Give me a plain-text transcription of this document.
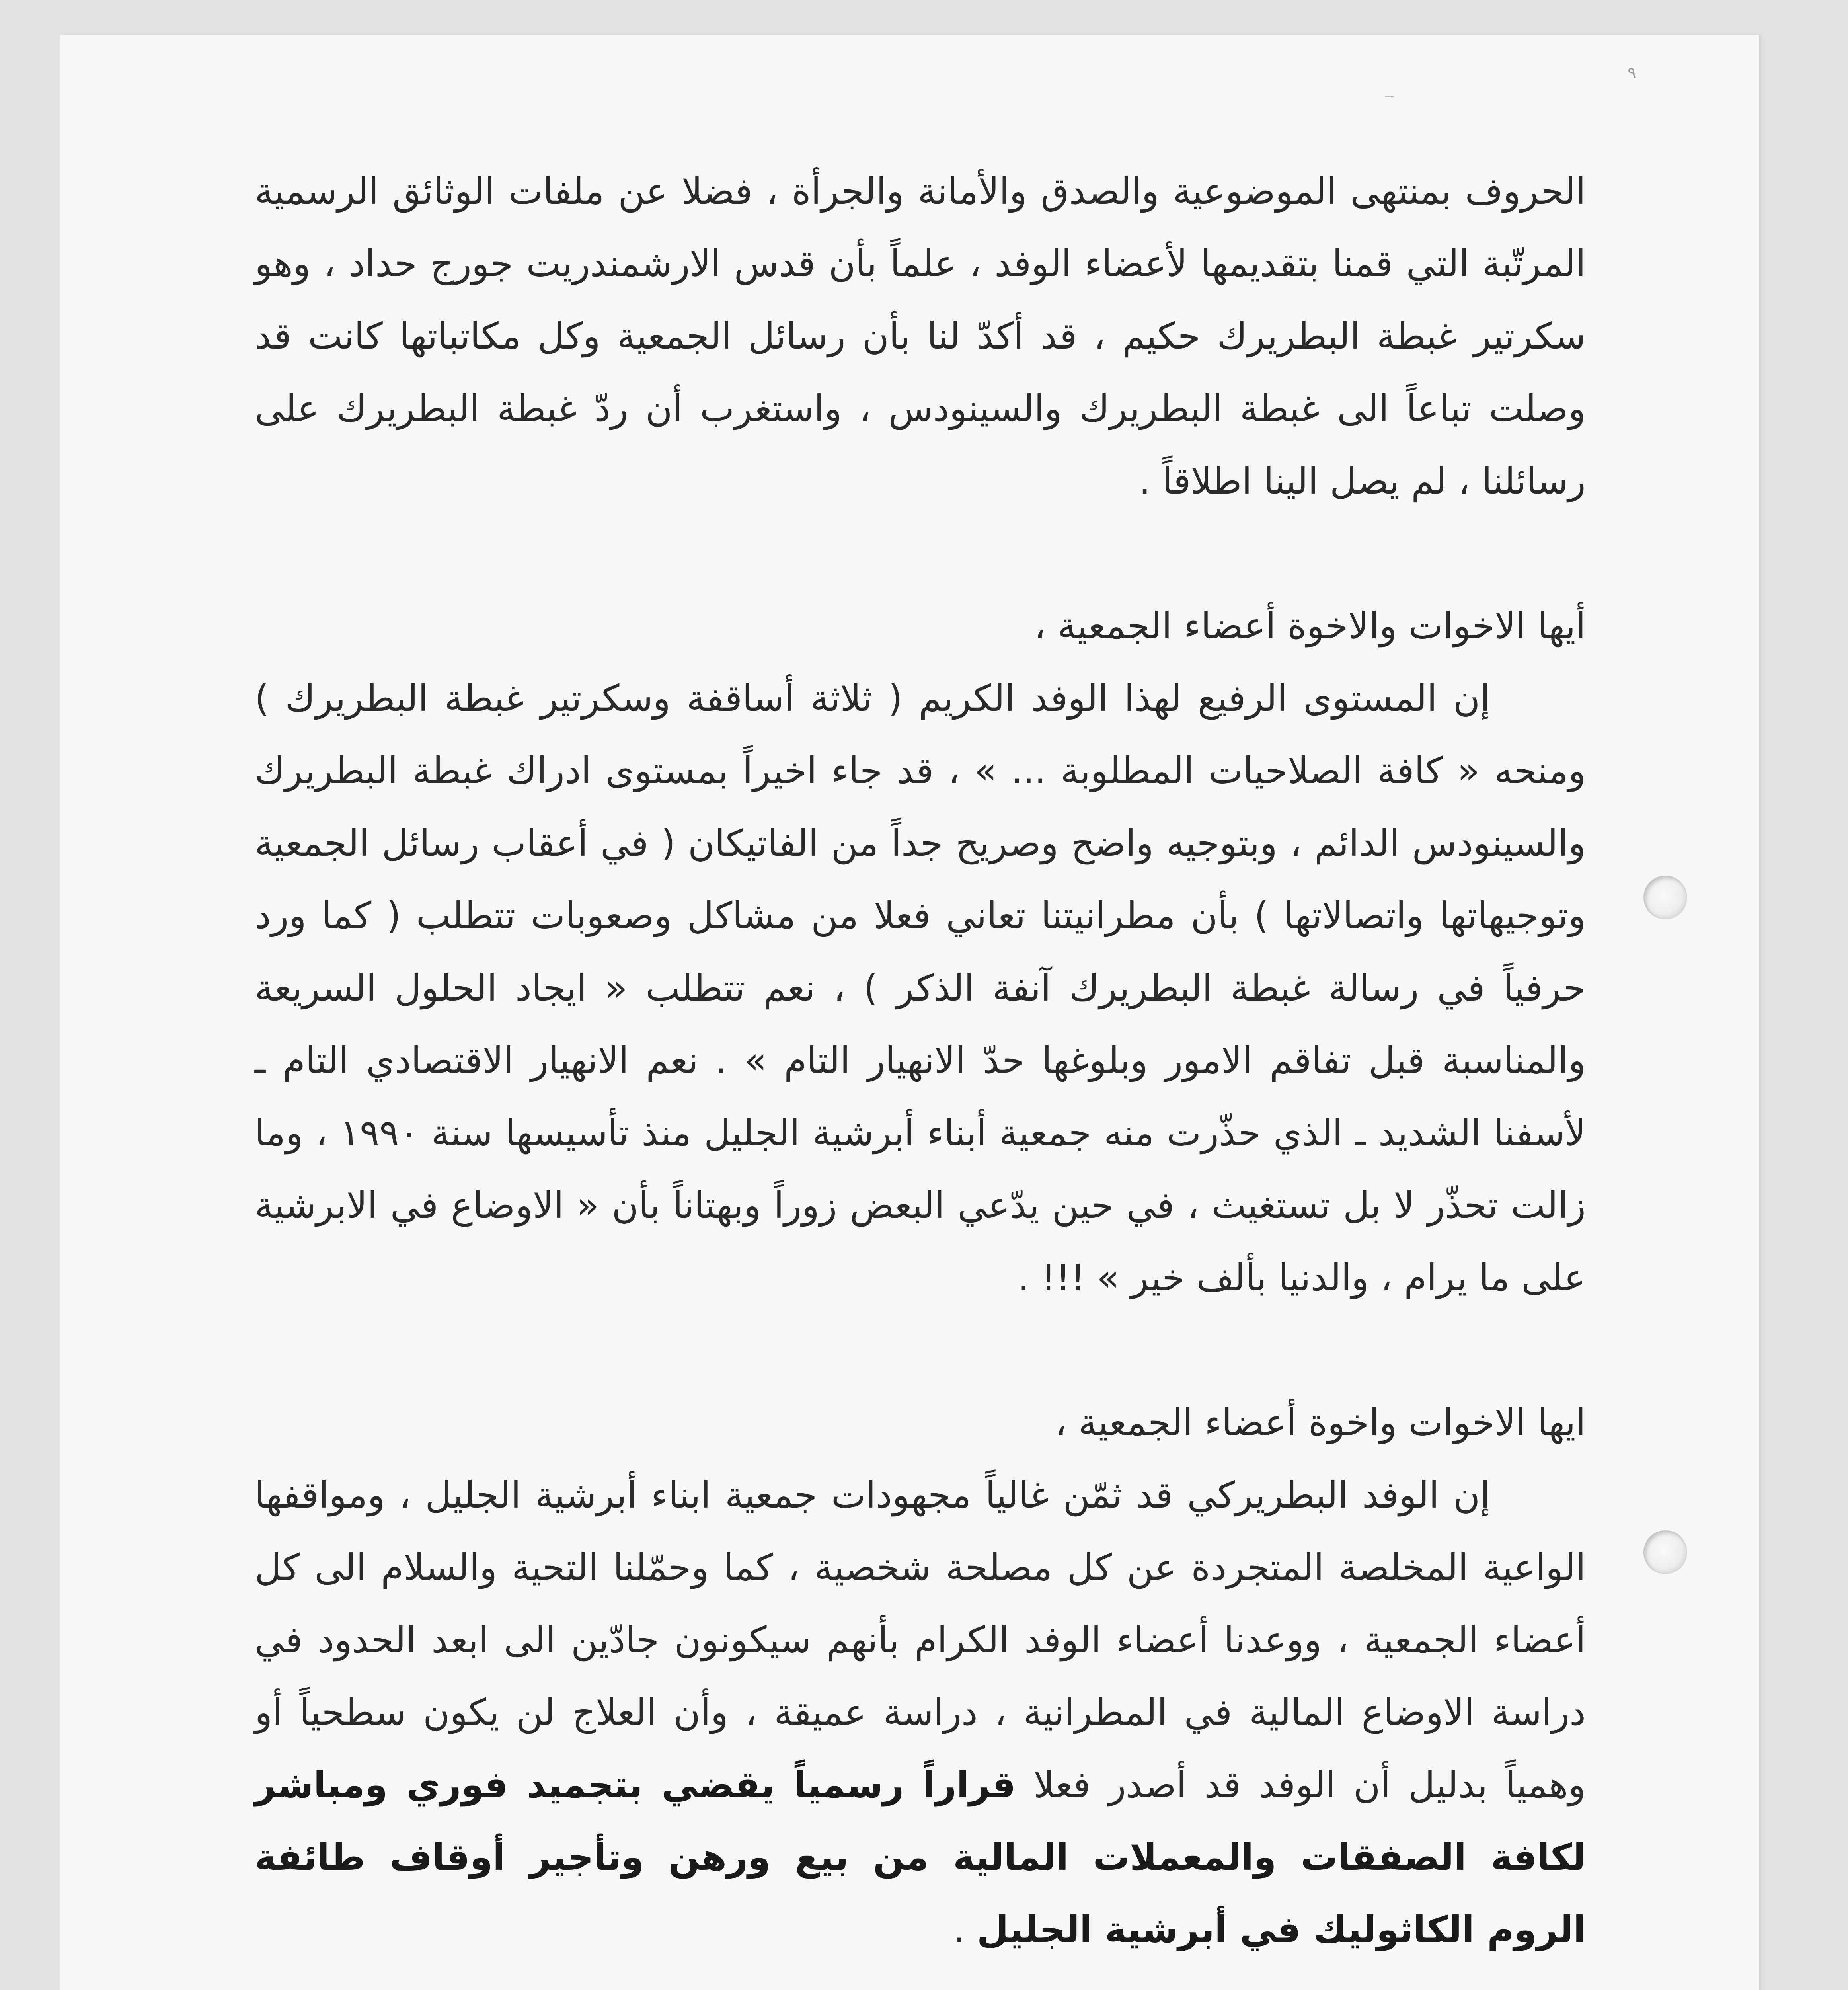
٩

الحروف بمنتهى الموضوعية والصدق والأمانة والجرأة ، فضلا عن ملفات الوثائق الرسمية المرتّبة التي قمنا بتقديمها لأعضاء الوفد ، علماً بأن قدس الارشمندريت جورج حداد ، وهو سكرتير غبطة البطريرك حكيم ، قد أكدّ لنا بأن رسائل الجمعية وكل مكاتباتها كانت قد وصلت تباعاً الى غبطة البطريرك والسينودس ، واستغرب أن ردّ غبطة البطريرك على رسائلنا ، لم يصل الينا اطلاقاً .

أيها الاخوات والاخوة أعضاء الجمعية ،

إن المستوى الرفيع لهذا الوفد الكريم ( ثلاثة أساقفة وسكرتير غبطة البطريرك ) ومنحه « كافة الصلاحيات المطلوبة ... » ، قد جاء اخيراً بمستوى ادراك غبطة البطريرك والسينودس الدائم ، وبتوجيه واضح وصريح جداً من الفاتيكان ( في أعقاب رسائل الجمعية وتوجيهاتها واتصالاتها ) بأن مطرانيتنا تعاني فعلا من مشاكل وصعوبات تتطلب ( كما ورد حرفياً في رسالة غبطة البطريرك آنفة الذكر ) ، نعم تتطلب « ايجاد الحلول السريعة والمناسبة قبل تفاقم الامور وبلوغها حدّ الانهيار التام » . نعم الانهيار الاقتصادي التام ـ لأسفنا الشديد ـ الذي حذّرت منه جمعية أبناء أبرشية الجليل منذ تأسيسها سنة ١٩٩٠ ، وما زالت تحذّر لا بل تستغيث ، في حين يدّعي البعض زوراً وبهتاناً بأن « الاوضاع في الابرشية على ما يرام ، والدنيا بألف خير » !!! .

ايها الاخوات واخوة أعضاء الجمعية ،

إن الوفد البطريركي قد ثمّن غالياً مجهودات جمعية ابناء أبرشية الجليل ، ومواقفها الواعية المخلصة المتجردة عن كل مصلحة شخصية ، كما وحمّلنا التحية والسلام الى كل أعضاء الجمعية ، ووعدنا أعضاء الوفد الكرام بأنهم سيكونون جادّين الى ابعد الحدود في دراسة الاوضاع المالية في المطرانية ، دراسة عميقة ، وأن العلاج لن يكون سطحياً أو وهمياً بدليل أن الوفد قد أصدر فعلا قراراً رسمياً يقضي بتجميد فوري ومباشر لكافة الصفقات والمعملات المالية من بيع ورهن وتأجير أوقاف طائفة الروم الكاثوليك في أبرشية الجليل .
